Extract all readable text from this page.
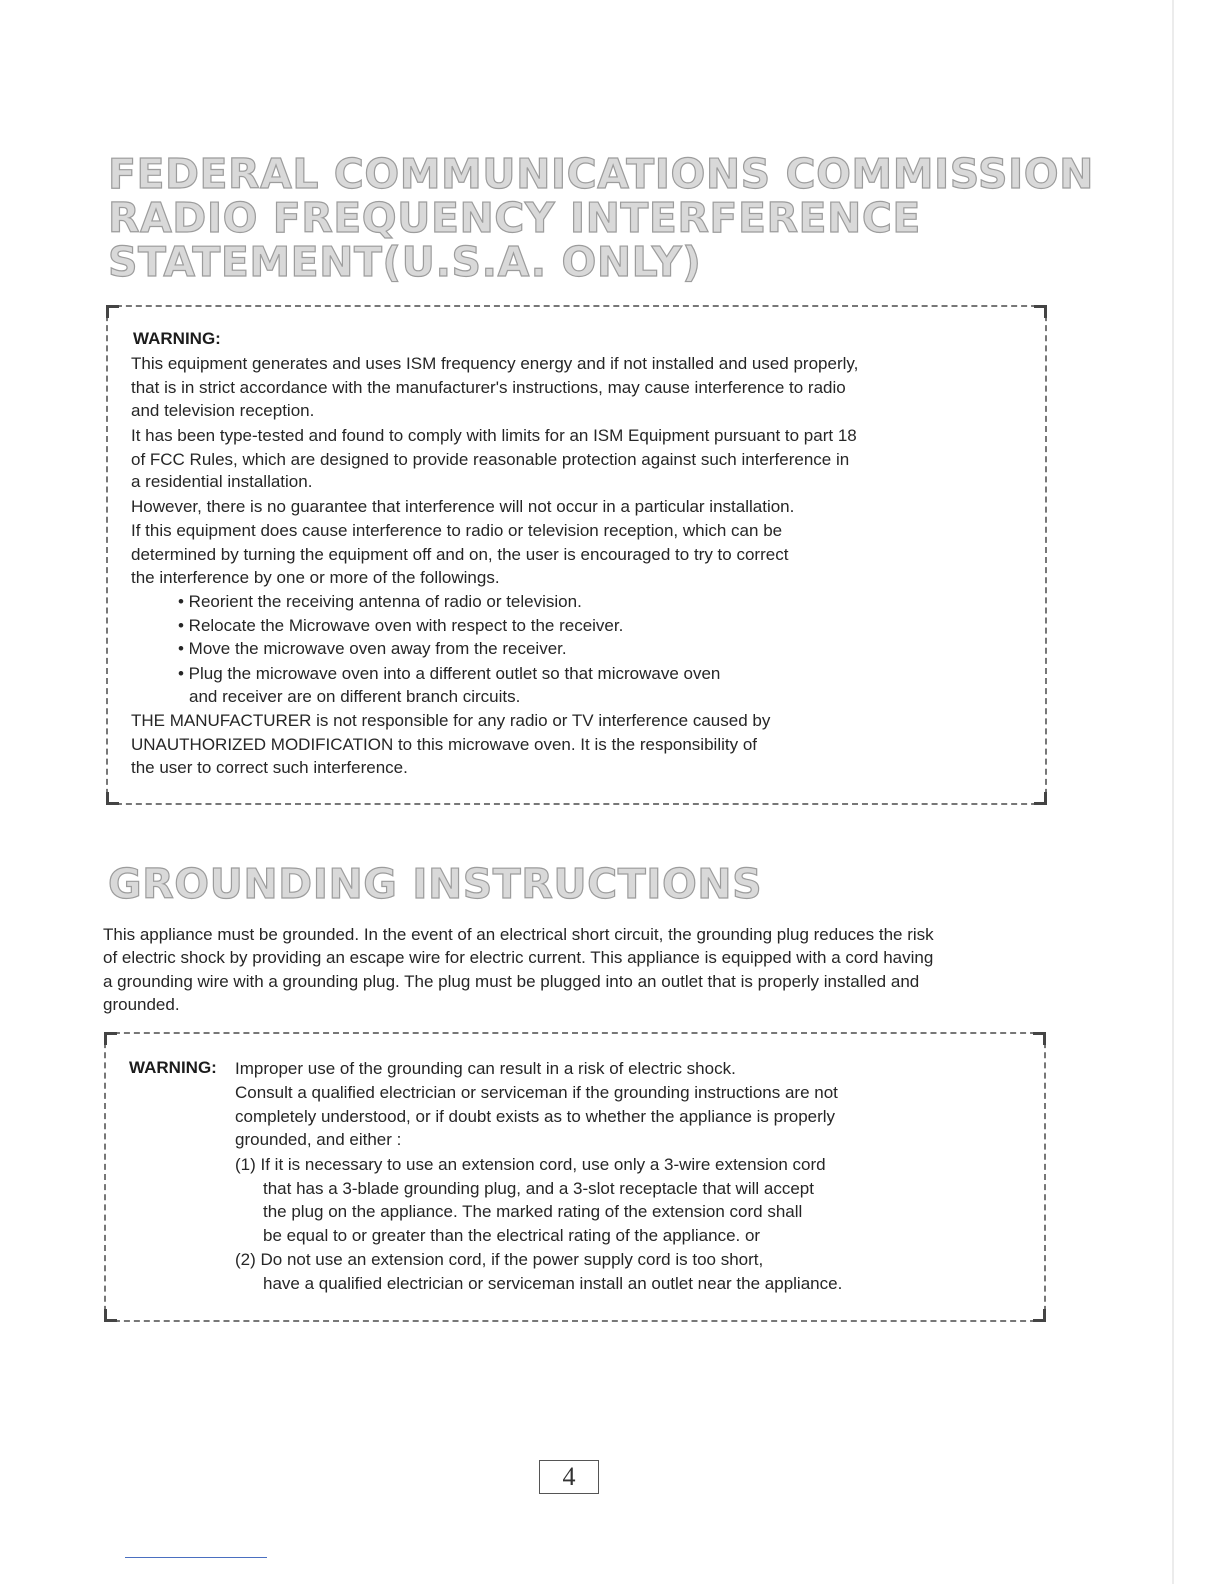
FEDERAL COMMUNICATIONS COMMISSION
RADIO FREQUENCY INTERFERENCE
STATEMENT(U.S.A. ONLY)
WARNING:
This equipment generates and uses ISM frequency energy and if not installed and used properly,
that is in strict accordance with the manufacturer's instructions, may cause interference to radio
and television reception.
It has been type-tested and found to comply with limits for an ISM Equipment pursuant to part 18
of FCC Rules, which are designed to provide reasonable protection against such interference in
a residential installation.
However, there is no guarantee that interference will not occur in a particular installation.
If this equipment does cause interference to radio or television reception, which can be
determined by turning the equipment off and on, the user is encouraged to try to correct
the interference by one or more of the followings.
• Reorient the receiving antenna of radio or television.
• Relocate the Microwave oven with respect to the receiver.
• Move the microwave oven away from the receiver.
• Plug the microwave oven into a different outlet so that microwave oven
and receiver are on different branch circuits.
THE MANUFACTURER is not responsible for any radio or TV interference caused by
UNAUTHORIZED MODIFICATION to this microwave oven. It is the responsibility of
the user to correct such interference.
GROUNDING INSTRUCTIONS

This appliance must be grounded. In the event of an electrical short circuit, the grounding plug reduces the risk of electric shock by providing an escape wire for electric current. This appliance is equipped with a cord having a grounding wire with a grounding plug. The plug must be plugged into an outlet that is properly installed and grounded.

WARNING: Improper use of the grounding can result in a risk of electric shock.
Consult a qualified electrician or serviceman if the grounding instructions are not
completely understood, or if doubt exists as to whether the appliance is properly
grounded, and either :
(1) If it is necessary to use an extension cord, use only a 3-wire extension cord
that has a 3-blade grounding plug, and a 3-slot receptacle that will accept
the plug on the appliance. The marked rating of the extension cord shall
be equal to or greater than the electrical rating of the appliance. or
(2) Do not use an extension cord, if the power supply cord is too short,
have a qualified electrician or serviceman install an outlet near the appliance.
4
